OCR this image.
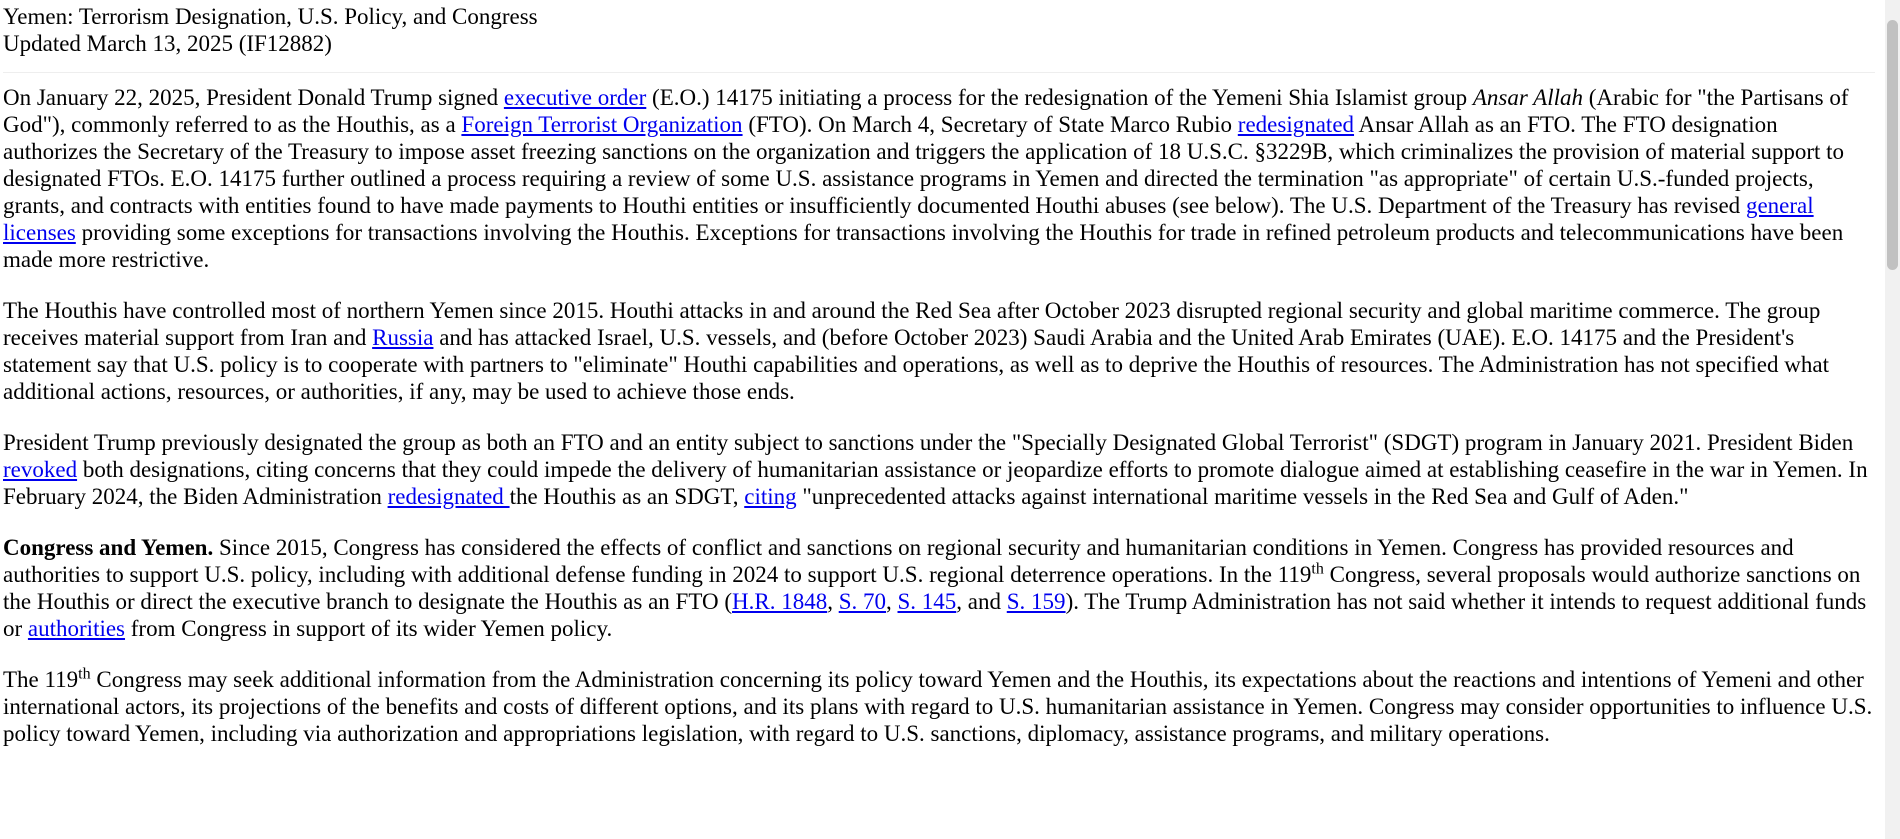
Yemen: Terrorism Designation, U.S. Policy, and Congress
Updated March 13, 2025 (IF12882)

On January 22, 2025, President Donald Trump signed executive order (E.O.) 14175 initiating a process for the redesignation of the Yemeni Shia Islamist group Ansar Allah (Arabic for "the Partisans of God"), commonly referred to as the Houthis, as a Foreign Terrorist Organization (FTO). On March 4, Secretary of State Marco Rubio redesignated Ansar Allah as an FTO. The FTO designation authorizes the Secretary of the Treasury to impose asset freezing sanctions on the organization and triggers the application of 18 U.S.C. §3229B, which criminalizes the provision of material support to designated FTOs. E.O. 14175 further outlined a process requiring a review of some U.S. assistance programs in Yemen and directed the termination "as appropriate" of certain U.S.-funded projects, grants, and contracts with entities found to have made payments to Houthi entities or insufficiently documented Houthi abuses (see below). The U.S. Department of the Treasury has revised general licenses providing some exceptions for transactions involving the Houthis. Exceptions for transactions involving the Houthis for trade in refined petroleum products and telecommunications have been made more restrictive.

The Houthis have controlled most of northern Yemen since 2015. Houthi attacks in and around the Red Sea after October 2023 disrupted regional security and global maritime commerce. The group receives material support from Iran and Russia and has attacked Israel, U.S. vessels, and (before October 2023) Saudi Arabia and the United Arab Emirates (UAE). E.O. 14175 and the President's statement say that U.S. policy is to cooperate with partners to "eliminate" Houthi capabilities and operations, as well as to deprive the Houthis of resources. The Administration has not specified what additional actions, resources, or authorities, if any, may be used to achieve those ends.

President Trump previously designated the group as both an FTO and an entity subject to sanctions under the "Specially Designated Global Terrorist" (SDGT) program in January 2021. President Biden revoked both designations, citing concerns that they could impede the delivery of humanitarian assistance or jeopardize efforts to promote dialogue aimed at establishing ceasefire in the war in Yemen. In February 2024, the Biden Administration redesignated the Houthis as an SDGT, citing "unprecedented attacks against international maritime vessels in the Red Sea and Gulf of Aden."

Congress and Yemen. Since 2015, Congress has considered the effects of conflict and sanctions on regional security and humanitarian conditions in Yemen. Congress has provided resources and authorities to support U.S. policy, including with additional defense funding in 2024 to support U.S. regional deterrence operations. In the 119th Congress, several proposals would authorize sanctions on the Houthis or direct the executive branch to designate the Houthis as an FTO (H.R. 1848, S. 70, S. 145, and S. 159). The Trump Administration has not said whether it intends to request additional funds or authorities from Congress in support of its wider Yemen policy.

The 119th Congress may seek additional information from the Administration concerning its policy toward Yemen and the Houthis, its expectations about the reactions and intentions of Yemeni and other international actors, its projections of the benefits and costs of different options, and its plans with regard to U.S. humanitarian assistance in Yemen. Congress may consider opportunities to influence U.S. policy toward Yemen, including via authorization and appropriations legislation, with regard to U.S. sanctions, diplomacy, assistance programs, and military operations.
